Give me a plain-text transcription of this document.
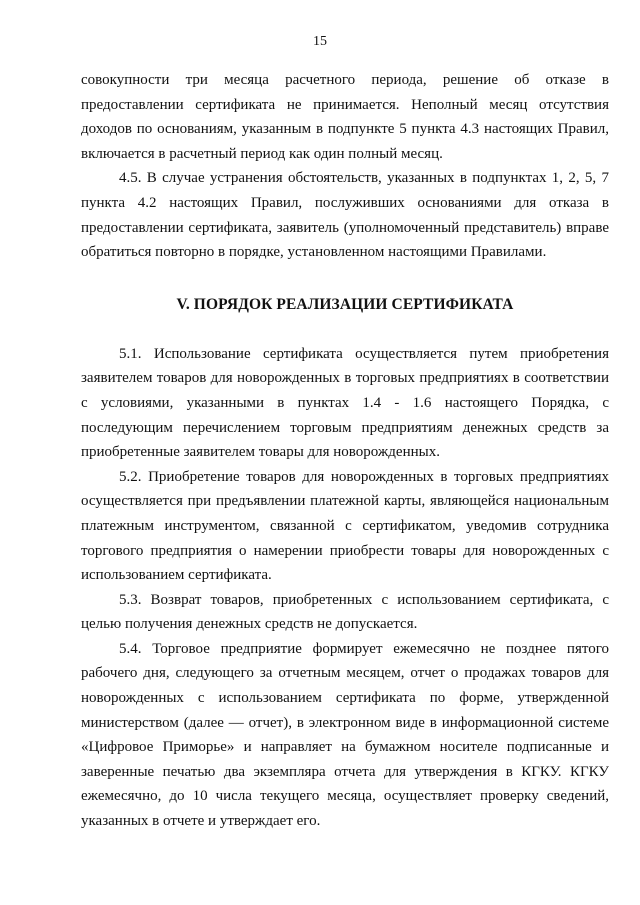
15

совокупности три месяца расчетного периода, решение об отказе в предоставлении сертификата не принимается. Неполный месяц отсутствия доходов по основаниям, указанным в подпункте 5 пункта 4.3 настоящих Правил, включается в расчетный период как один полный месяц.

4.5. В случае устранения обстоятельств, указанных в подпунктах 1, 2, 5, 7 пункта 4.2 настоящих Правил, послуживших основаниями для отказа в предоставлении сертификата, заявитель (уполномоченный представитель) вправе обратиться повторно в порядке, установленном настоящими Правилами.

V. ПОРЯДОК РЕАЛИЗАЦИИ СЕРТИФИКАТА

5.1. Использование сертификата осуществляется путем приобретения заявителем товаров для новорожденных в торговых предприятиях в соответствии с условиями, указанными в пунктах 1.4 - 1.6 настоящего Порядка, с последующим перечислением торговым предприятиям денежных средств за приобретенные заявителем товары для новорожденных.

5.2. Приобретение товаров для новорожденных в торговых предприятиях осуществляется при предъявлении платежной карты, являющейся национальным платежным инструментом, связанной с сертификатом, уведомив сотрудника торгового предприятия о намерении приобрести товары для новорожденных с использованием сертификата.

5.3. Возврат товаров, приобретенных с использованием сертификата, с целью получения денежных средств не допускается.

5.4. Торговое предприятие формирует ежемесячно не позднее пятого рабочего дня, следующего за отчетным месяцем, отчет о продажах товаров для новорожденных с использованием сертификата по форме, утвержденной министерством (далее — отчет), в электронном виде в информационной системе «Цифровое Приморье» и направляет на бумажном носителе подписанные и заверенные печатью два экземпляра отчета для утверждения в КГКУ. КГКУ ежемесячно, до 10 числа текущего месяца, осуществляет проверку сведений, указанных в отчете и утверждает его.
